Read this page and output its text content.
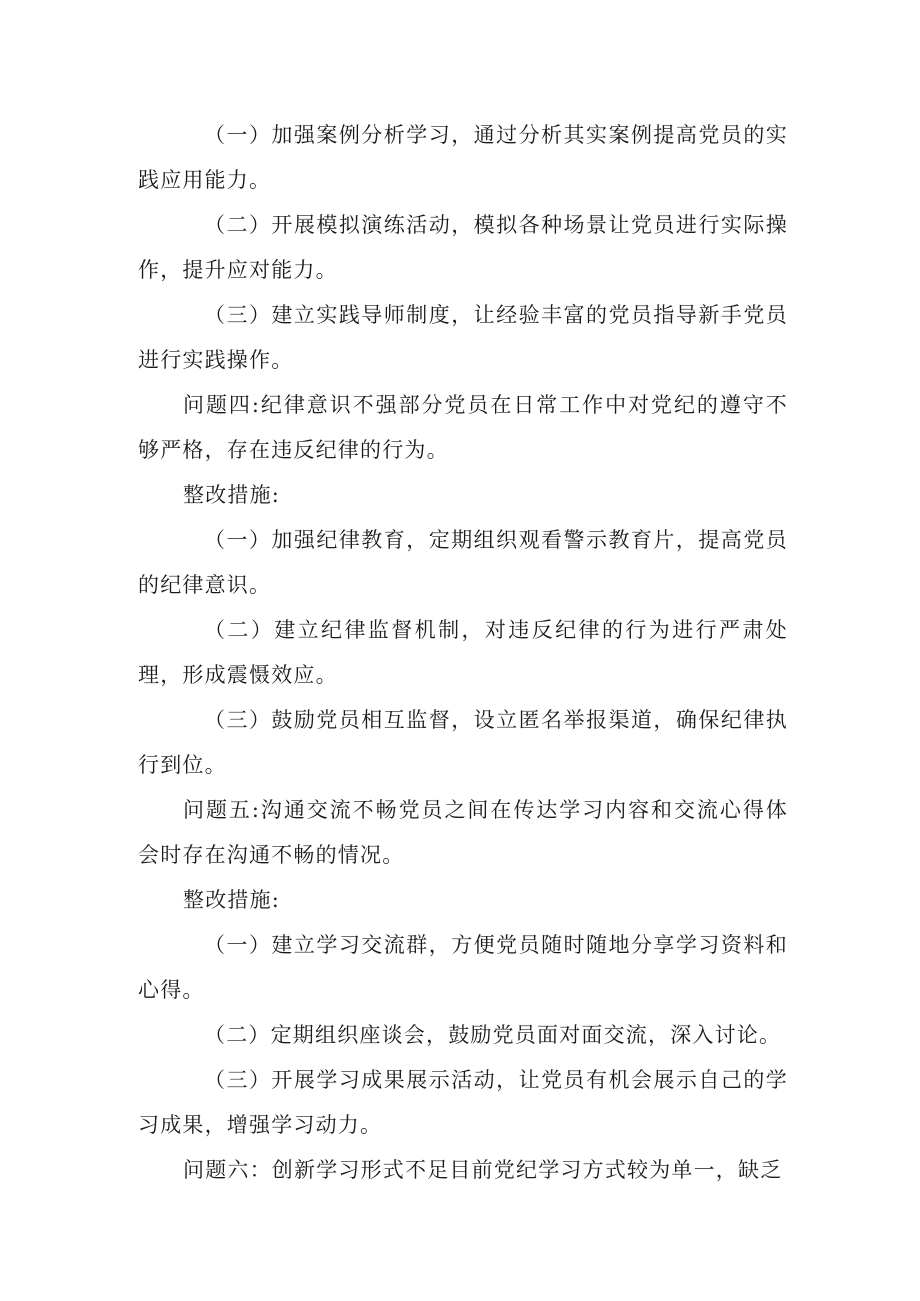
（一）加强案例分析学习，通过分析其实案例提高党员的实践应用能力。

（二）开展模拟演练活动，模拟各种场景让党员进行实际操作，提升应对能力。

（三）建立实践导师制度，让经验丰富的党员指导新手党员进行实践操作。

问题四:纪律意识不强部分党员在日常工作中对党纪的遵守不够严格，存在违反纪律的行为。

整改措施:

（一）加强纪律教育，定期组织观看警示教育片，提高党员的纪律意识。

（二）建立纪律监督机制，对违反纪律的行为进行严肃处理，形成震慑效应。

（三）鼓励党员相互监督，设立匿名举报渠道，确保纪律执行到位。

问题五:沟通交流不畅党员之间在传达学习内容和交流心得体会时存在沟通不畅的情况。

整改措施:

（一）建立学习交流群，方便党员随时随地分享学习资料和心得。

（二）定期组织座谈会，鼓励党员面对面交流，深入讨论。

（三）开展学习成果展示活动，让党员有机会展示自己的学习成果，增强学习动力。

问题六：创新学习形式不足目前党纪学习方式较为单一，缺乏
